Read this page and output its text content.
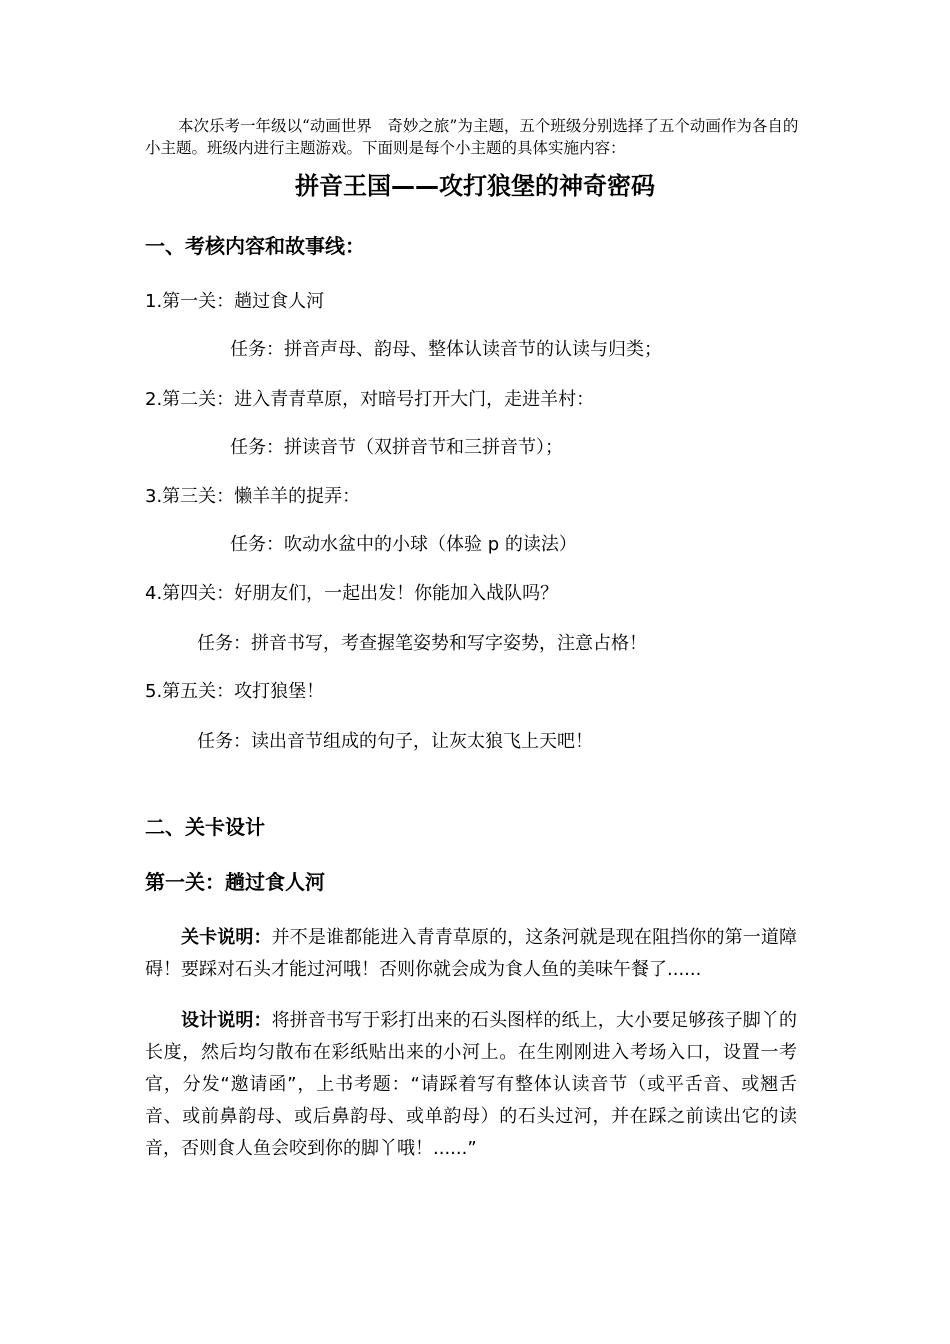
本次乐考一年级以“动画世界　奇妙之旅”为主题，五个班级分别选择了五个动画作为各自的小主题。班级内进行主题游戏。下面则是每个小主题的具体实施内容：

拼音王国——攻打狼堡的神奇密码
一、考核内容和故事线：
1.第一关：趟过食人河
任务：拼音声母、韵母、整体认读音节的认读与归类；
2.第二关：进入青青草原，对暗号打开大门，走进羊村：
任务：拼读音节（双拼音节和三拼音节）；
3.第三关：懒羊羊的捉弄：
任务：吹动水盆中的小球（体验 p 的读法）
4.第四关：好朋友们，一起出发！你能加入战队吗？
任务：拼音书写，考查握笔姿势和写字姿势，注意占格！
5.第五关：攻打狼堡！
任务：读出音节组成的句子，让灰太狼飞上天吧！
二、关卡设计
第一关：趟过食人河

关卡说明：并不是谁都能进入青青草原的，这条河就是现在阻挡你的第一道障碍！要踩对石头才能过河哦！否则你就会成为食人鱼的美味午餐了......

设计说明：将拼音书写于彩打出来的石头图样的纸上，大小要足够孩子脚丫的长度，然后均匀散布在彩纸贴出来的小河上。在生刚刚进入考场入口，设置一考官，分发“邀请函”，上书考题：“请踩着写有整体认读音节（或平舌音、或翘舌音、或前鼻韵母、或后鼻韵母、或单韵母）的石头过河，并在踩之前读出它的读音，否则食人鱼会咬到你的脚丫哦！......”
